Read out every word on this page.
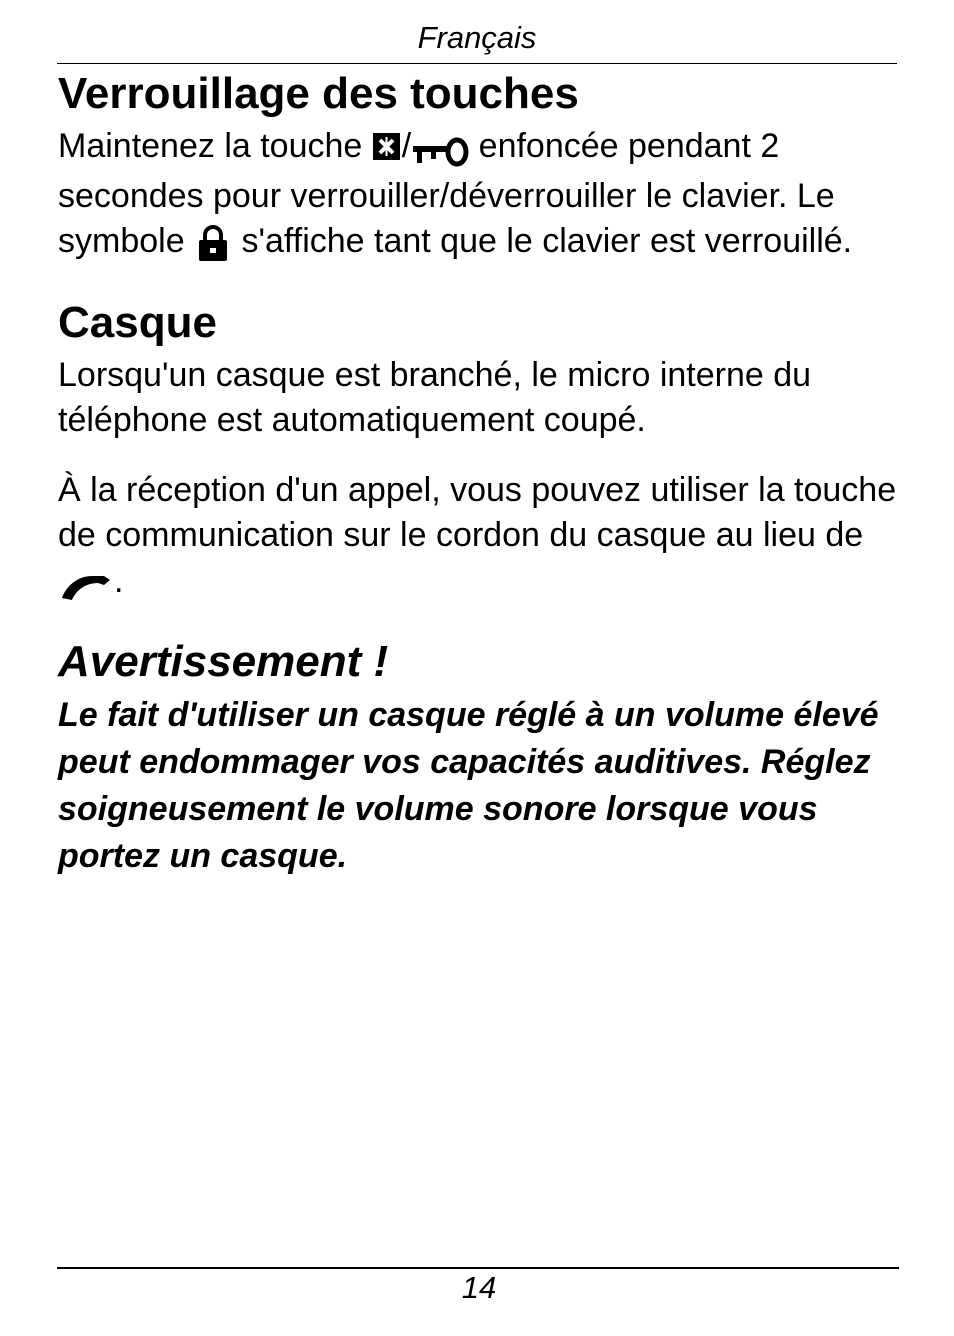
Français
Verrouillage des touches

Maintenez la touche / enfoncée pendant 2 secondes pour verrouiller/déverrouiller le clavier. Le symbole  s'affiche tant que le clavier est verrouillé.

Casque

Lorsqu'un casque est branché, le micro interne du téléphone est automatiquement coupé.

À la réception d'un appel, vous pouvez utiliser la touche de communication sur le cordon du casque au lieu de .

Avertissement !

Le fait d'utiliser un casque réglé à un volume élevé peut endommager vos capacités auditives. Réglez soigneusement le volume sonore lorsque vous portez un casque.

14
